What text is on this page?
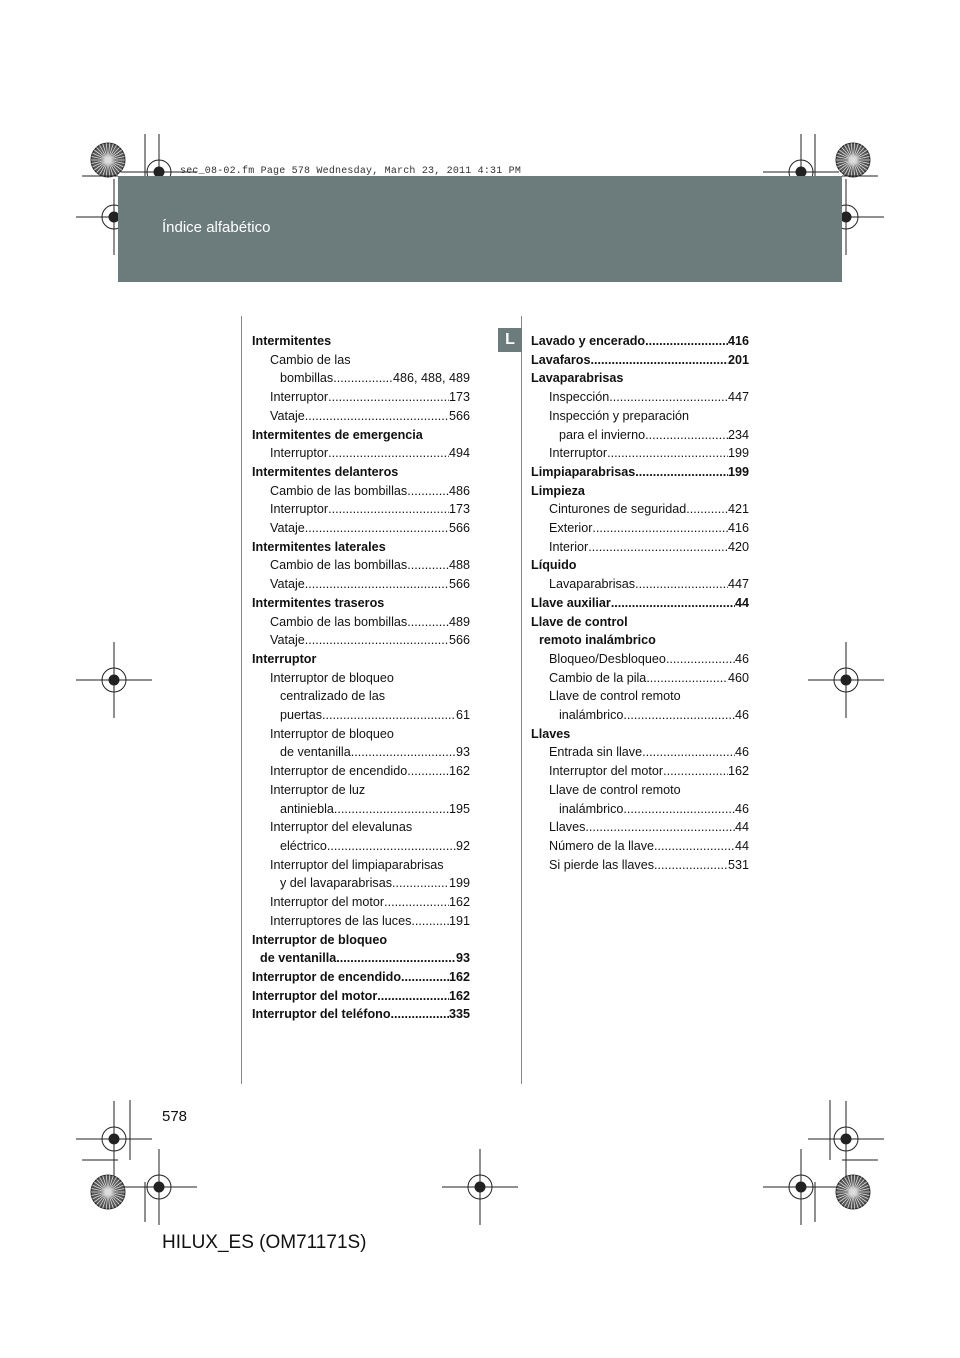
Índice alfabético
sec_08-02.fm Page 578 Wednesday, March 23, 2011 4:31 PM
L
Intermitentes
Cambio de las
bombillas .....	486, 488, 489
Interruptor .....	173
Vataje .....	566
Intermitentes de emergencia
Interruptor .....	494
Intermitentes delanteros
Cambio de las bombillas .....	486
Interruptor .....	173
Vataje .....	566
Intermitentes laterales
Cambio de las bombillas .....	488
Vataje .....	566
Intermitentes traseros
Cambio de las bombillas .....	489
Vataje .....	566
Interruptor
Interruptor de bloqueo
centralizado de las
puertas .....	61
Interruptor de bloqueo
de ventanilla .....	93
Interruptor de encendido .....	162
Interruptor de luz
antiniebla .....	195
Interruptor del elevalunas
eléctrico .....	92
Interruptor del limpiaparabrisas
y del lavaparabrisas .....	199
Interruptor del motor .....	162
Interruptores de las luces .....	191
Interruptor de bloqueo
de ventanilla .....	93
Interruptor de encendido .....	162
Interruptor del motor .....	162
Interruptor del teléfono .....	335
Lavado y encerado .....	416
Lavafaros .....	201
Lavaparabrisas
Inspección .....	447
Inspección y preparación
para el invierno .....	234
Interruptor .....	199
Limpiaparabrisas .....	199
Limpieza
Cinturones de seguridad .....	421
Exterior .....	416
Interior .....	420
Líquido
Lavaparabrisas .....	447
Llave auxiliar .....	44
Llave de control
remoto inalámbrico
Bloqueo/Desbloqueo .....	46
Cambio de la pila .....	460
Llave de control remoto
inalámbrico .....	46
Llaves
Entrada sin llave .....	46
Interruptor del motor .....	162
Llave de control remoto
inalámbrico .....	46
Llaves .....	44
Número de la llave .....	44
Si pierde las llaves .....	531
578
HILUX_ES (OM71171S)
